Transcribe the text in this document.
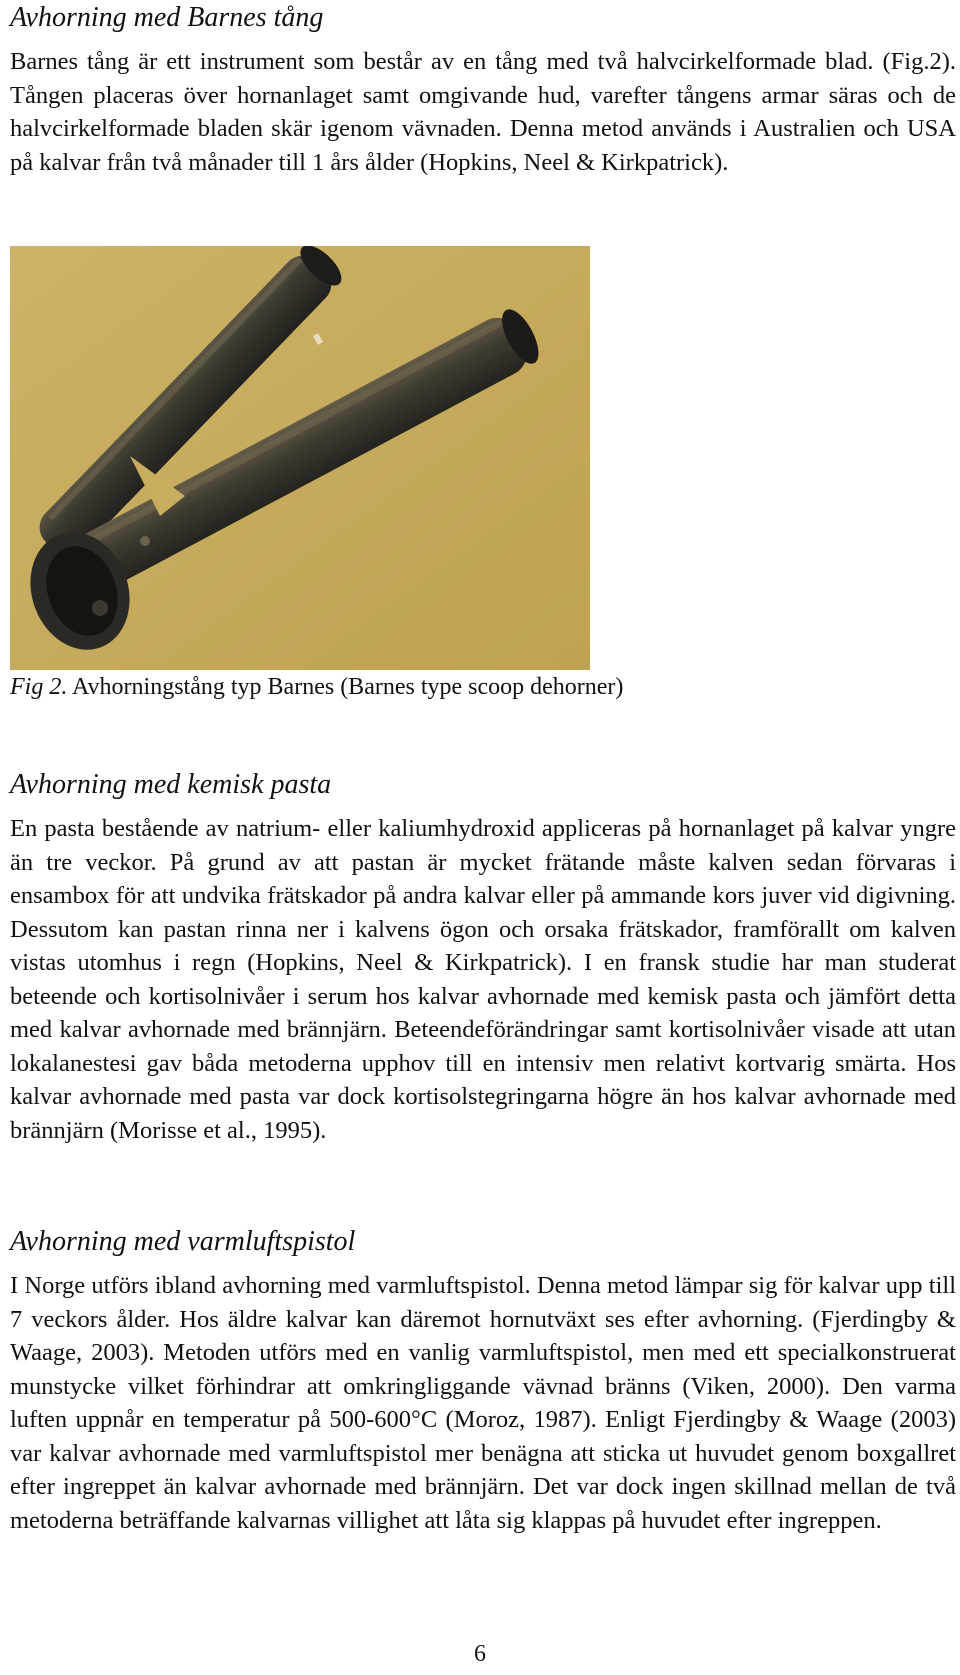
Avhorning med Barnes tång

Barnes tång är ett instrument som består av en tång med två halvcirkelformade blad. (Fig.2). Tången placeras över hornanlaget samt omgivande hud, varefter tångens armar säras och de halvcirkelformade bladen skär igenom vävnaden. Denna metod används i Australien och USA på kalvar från två månader till 1 års ålder (Hopkins, Neel & Kirkpatrick).

Fig 2. Avhorningstång typ Barnes (Barnes type scoop dehorner)

Avhorning med kemisk pasta

En pasta bestående av natrium- eller kaliumhydroxid appliceras på hornanlaget på kalvar yngre än tre veckor. På grund av att pastan är mycket frätande måste kalven sedan förvaras i ensambox för att undvika frätskador på andra kalvar eller på ammande kors juver vid digivning. Dessutom kan pastan rinna ner i kalvens ögon och orsaka frätskador, framförallt om kalven vistas utomhus i regn (Hopkins, Neel & Kirkpatrick). I en fransk studie har man studerat beteende och kortisolnivåer i serum hos kalvar avhornade med kemisk pasta och jämfört detta med kalvar avhornade med brännjärn. Beteendeförändringar samt kortisolnivåer visade att utan lokalanestesi gav båda metoderna upphov till en intensiv men relativt kortvarig smärta. Hos kalvar avhornade med pasta var dock kortisolstegringarna högre än hos kalvar avhornade med brännjärn (Morisse et al., 1995).

Avhorning med varmluftspistol

I Norge utförs ibland avhorning med varmluftspistol. Denna metod lämpar sig för kalvar upp till 7 veckors ålder. Hos äldre kalvar kan däremot hornutväxt ses efter avhorning. (Fjerdingby & Waage, 2003). Metoden utförs med en vanlig varmluftspistol, men med ett specialkonstruerat munstycke vilket förhindrar att omkringliggande vävnad bränns (Viken, 2000). Den varma luften uppnår en temperatur på 500-600°C (Moroz, 1987). Enligt Fjerdingby & Waage (2003) var kalvar avhornade med varmluftspistol mer benägna att sticka ut huvudet genom boxgallret efter ingreppet än kalvar avhornade med brännjärn. Det var dock ingen skillnad mellan de två metoderna beträffande kalvarnas villighet att låta sig klappas på huvudet efter ingreppen.

6
